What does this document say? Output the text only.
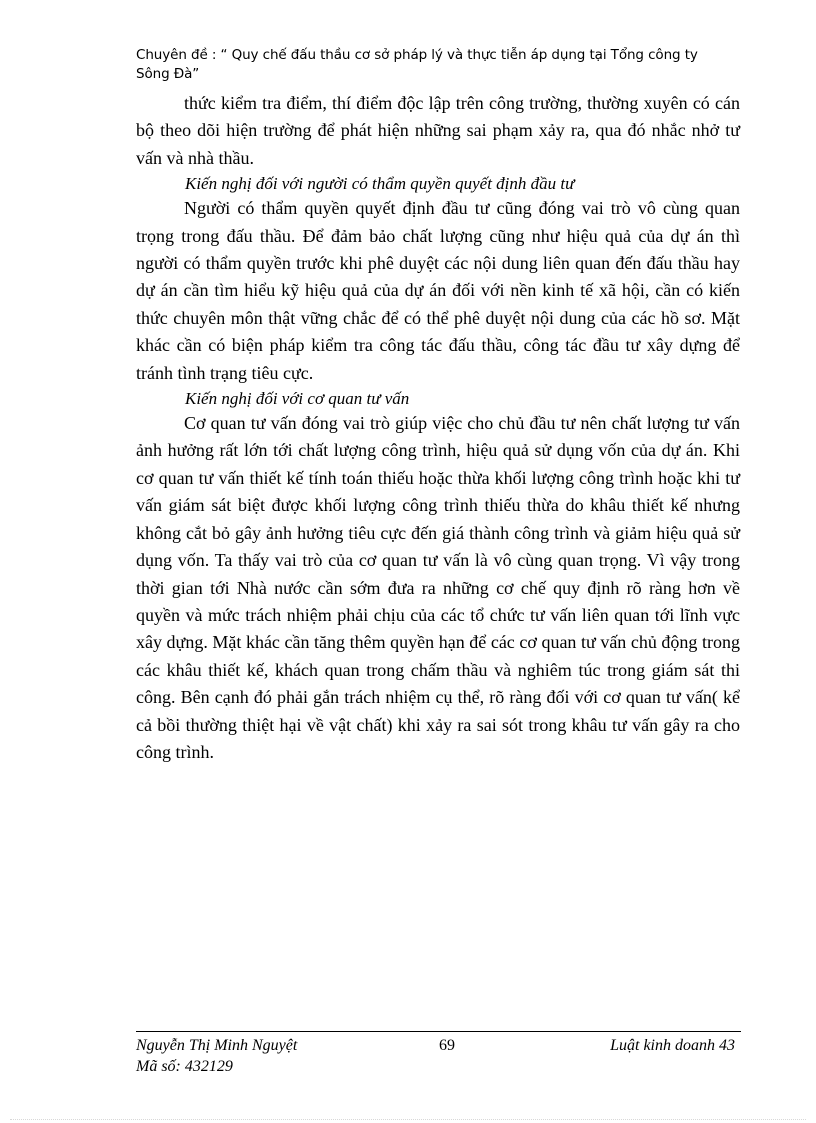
Chuyên đề : “ Quy chế đấu thầu cơ sở pháp lý và thực tiễn áp dụng tại Tổng công ty
Sông Đà”

thức kiểm tra điểm, thí điểm độc lập trên công trường, thường xuyên có cán bộ theo dõi hiện trường để phát hiện những sai phạm xảy ra, qua đó nhắc nhở tư vấn và nhà thầu.

Kiến nghị đối với người có thẩm quyền quyết định đầu tư

Người có thẩm quyền quyết định đầu tư cũng đóng vai trò vô cùng quan trọng trong đấu thầu. Để đảm bảo chất lượng cũng như hiệu quả của dự án thì người có thẩm quyền trước khi phê duyệt các nội dung liên quan đến đấu thầu hay dự án cần tìm hiểu kỹ hiệu quả của dự án đối với nền kinh tế xã hội, cần có kiến thức chuyên môn thật vững chắc để có thể phê duyệt nội dung của các hồ sơ. Mặt khác cần có biện pháp kiểm tra công tác đấu thầu, công tác đầu tư xây dựng để tránh tình trạng tiêu cực.

Kiến nghị đối với cơ quan tư vấn

Cơ quan tư vấn đóng vai trò giúp việc cho chủ đầu tư nên chất lượng tư vấn ảnh hưởng rất lớn tới chất lượng công trình, hiệu quả sử dụng vốn của dự án. Khi cơ quan tư vấn thiết kế tính toán thiếu hoặc thừa khối lượng công trình hoặc khi tư vấn giám sát biệt được khối lượng công trình thiếu thừa do khâu thiết kế nhưng không cắt bỏ gây ảnh hưởng tiêu cực đến giá thành công trình và giảm hiệu quả sử dụng vốn. Ta thấy vai trò của cơ quan tư vấn là vô cùng quan trọng. Vì vậy trong thời gian tới Nhà nước cần sớm đưa ra những cơ chế quy định rõ ràng hơn về quyền và mức trách nhiệm phải chịu của các tổ chức tư vấn liên quan tới lĩnh vực xây dựng. Mặt khác cần tăng thêm quyền hạn để các cơ quan tư vấn chủ động trong các khâu thiết kế, khách quan trong chấm thầu và nghiêm túc trong giám sát thi công. Bên cạnh đó phải gắn trách nhiệm cụ thể, rõ ràng đối với cơ quan tư vấn( kể cả bồi thường thiệt hại về vật chất) khi xảy ra sai sót trong khâu tư vấn gây ra cho công trình.

Nguyễn Thị Minh Nguyệt	69	Luật kinh doanh 43
Mã số: 432129
